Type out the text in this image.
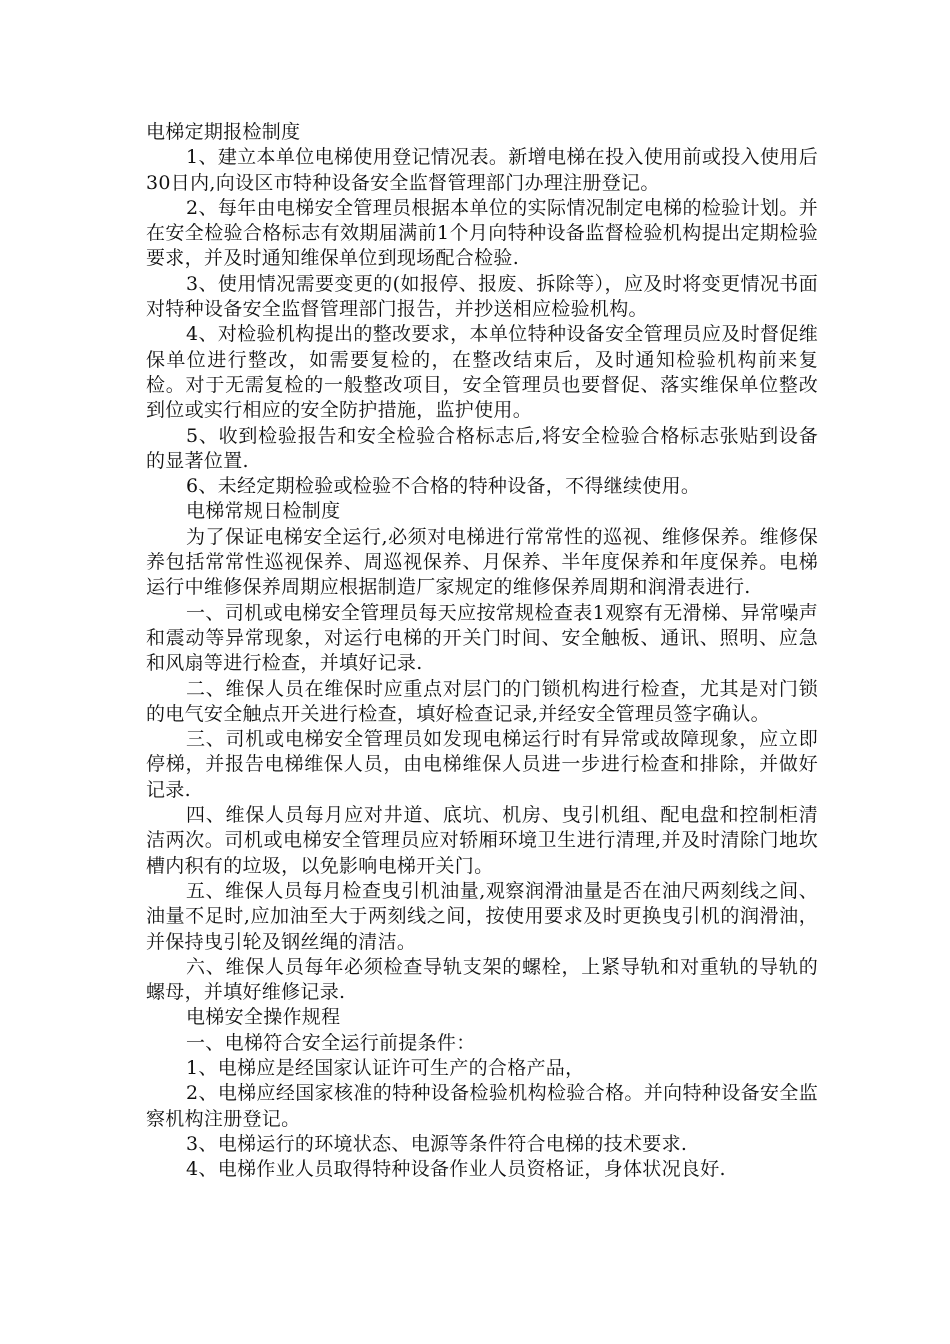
电梯定期报检制度

1、建立本单位电梯使用登记情况表。新增电梯在投入使用前或投入使用后30日内,向设区市特种设备安全监督管理部门办理注册登记。

2、每年由电梯安全管理员根据本单位的实际情况制定电梯的检验计划。并在安全检验合格标志有效期届满前1个月向特种设备监督检验机构提出定期检验要求，并及时通知维保单位到现场配合检验.

3、使用情况需要变更的(如报停、报废、拆除等），应及时将变更情况书面对特种设备安全监督管理部门报告，并抄送相应检验机构。

4、对检验机构提出的整改要求，本单位特种设备安全管理员应及时督促维保单位进行整改，如需要复检的，在整改结束后，及时通知检验机构前来复检。对于无需复检的一般整改项目，安全管理员也要督促、落实维保单位整改到位或实行相应的安全防护措施，监护使用。

5、收到检验报告和安全检验合格标志后,将安全检验合格标志张贴到设备的显著位置.

6、未经定期检验或检验不合格的特种设备，不得继续使用。

电梯常规日检制度

为了保证电梯安全运行,必须对电梯进行常常性的巡视、维修保养。维修保养包括常常性巡视保养、周巡视保养、月保养、半年度保养和年度保养。电梯运行中维修保养周期应根据制造厂家规定的维修保养周期和润滑表进行.

一、司机或电梯安全管理员每天应按常规检查表1观察有无滑梯、异常噪声和震动等异常现象，对运行电梯的开关门时间、安全触板、通讯、照明、应急和风扇等进行检查，并填好记录.

二、维保人员在维保时应重点对层门的门锁机构进行检查，尤其是对门锁的电气安全触点开关进行检查，填好检查记录,并经安全管理员签字确认。

三、司机或电梯安全管理员如发现电梯运行时有异常或故障现象，应立即停梯，并报告电梯维保人员，由电梯维保人员进一步进行检查和排除，并做好记录.

四、维保人员每月应对井道、底坑、机房、曳引机组、配电盘和控制柜清洁两次。司机或电梯安全管理员应对轿厢环境卫生进行清理,并及时清除门地坎槽内积有的垃圾，以免影响电梯开关门。

五、维保人员每月检查曳引机油量,观察润滑油量是否在油尺两刻线之间、油量不足时,应加油至大于两刻线之间，按使用要求及时更换曳引机的润滑油，并保持曳引轮及钢丝绳的清洁。

六、维保人员每年必须检查导轨支架的螺栓，上紧导轨和对重轨的导轨的螺母，并填好维修记录.

电梯安全操作规程

一、电梯符合安全运行前提条件：

1、电梯应是经国家认证许可生产的合格产品，

2、电梯应经国家核准的特种设备检验机构检验合格。并向特种设备安全监察机构注册登记。

3、电梯运行的环境状态、电源等条件符合电梯的技术要求.

4、电梯作业人员取得特种设备作业人员资格证，身体状况良好.
